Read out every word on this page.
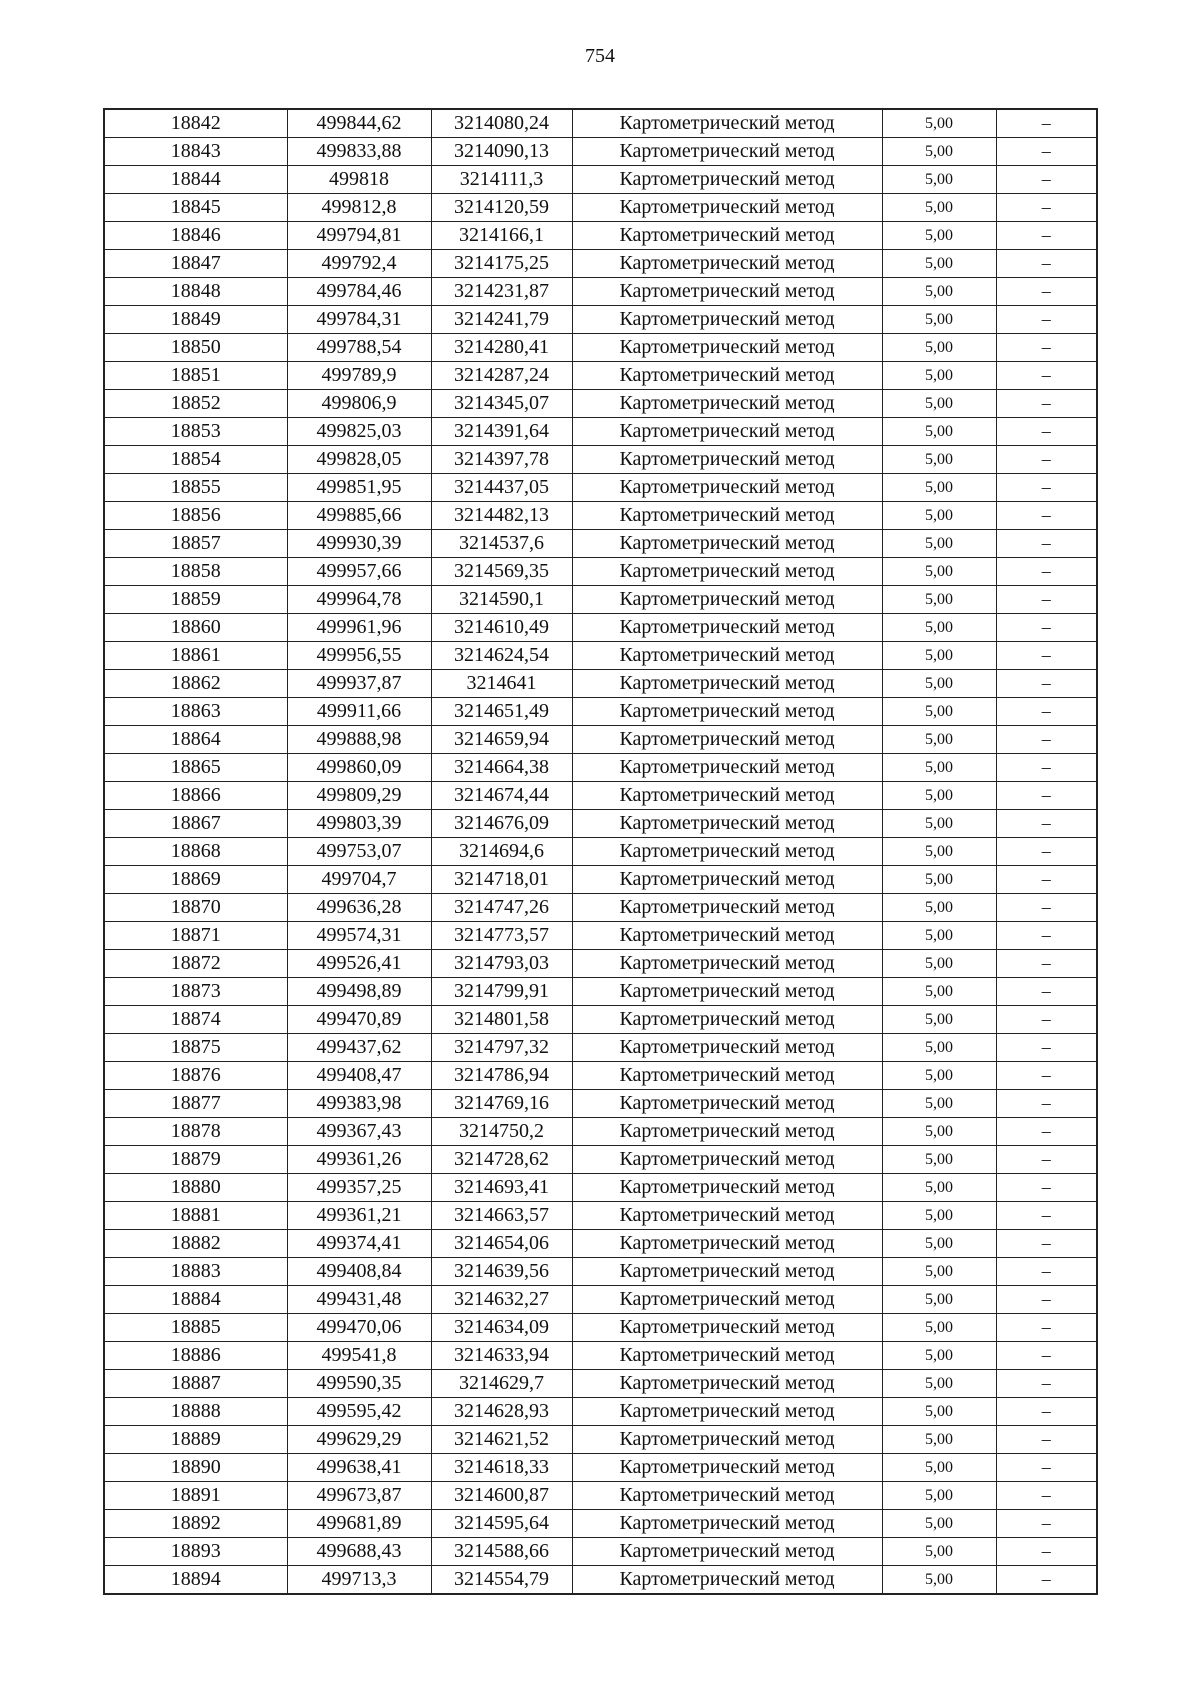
754
18842	499844,62	3214080,24	Картометрический метод	5,00	–
18843	499833,88	3214090,13	Картометрический метод	5,00	–
18844	499818	3214111,3	Картометрический метод	5,00	–
18845	499812,8	3214120,59	Картометрический метод	5,00	–
18846	499794,81	3214166,1	Картометрический метод	5,00	–
18847	499792,4	3214175,25	Картометрический метод	5,00	–
18848	499784,46	3214231,87	Картометрический метод	5,00	–
18849	499784,31	3214241,79	Картометрический метод	5,00	–
18850	499788,54	3214280,41	Картометрический метод	5,00	–
18851	499789,9	3214287,24	Картометрический метод	5,00	–
18852	499806,9	3214345,07	Картометрический метод	5,00	–
18853	499825,03	3214391,64	Картометрический метод	5,00	–
18854	499828,05	3214397,78	Картометрический метод	5,00	–
18855	499851,95	3214437,05	Картометрический метод	5,00	–
18856	499885,66	3214482,13	Картометрический метод	5,00	–
18857	499930,39	3214537,6	Картометрический метод	5,00	–
18858	499957,66	3214569,35	Картометрический метод	5,00	–
18859	499964,78	3214590,1	Картометрический метод	5,00	–
18860	499961,96	3214610,49	Картометрический метод	5,00	–
18861	499956,55	3214624,54	Картометрический метод	5,00	–
18862	499937,87	3214641	Картометрический метод	5,00	–
18863	499911,66	3214651,49	Картометрический метод	5,00	–
18864	499888,98	3214659,94	Картометрический метод	5,00	–
18865	499860,09	3214664,38	Картометрический метод	5,00	–
18866	499809,29	3214674,44	Картометрический метод	5,00	–
18867	499803,39	3214676,09	Картометрический метод	5,00	–
18868	499753,07	3214694,6	Картометрический метод	5,00	–
18869	499704,7	3214718,01	Картометрический метод	5,00	–
18870	499636,28	3214747,26	Картометрический метод	5,00	–
18871	499574,31	3214773,57	Картометрический метод	5,00	–
18872	499526,41	3214793,03	Картометрический метод	5,00	–
18873	499498,89	3214799,91	Картометрический метод	5,00	–
18874	499470,89	3214801,58	Картометрический метод	5,00	–
18875	499437,62	3214797,32	Картометрический метод	5,00	–
18876	499408,47	3214786,94	Картометрический метод	5,00	–
18877	499383,98	3214769,16	Картометрический метод	5,00	–
18878	499367,43	3214750,2	Картометрический метод	5,00	–
18879	499361,26	3214728,62	Картометрический метод	5,00	–
18880	499357,25	3214693,41	Картометрический метод	5,00	–
18881	499361,21	3214663,57	Картометрический метод	5,00	–
18882	499374,41	3214654,06	Картометрический метод	5,00	–
18883	499408,84	3214639,56	Картометрический метод	5,00	–
18884	499431,48	3214632,27	Картометрический метод	5,00	–
18885	499470,06	3214634,09	Картометрический метод	5,00	–
18886	499541,8	3214633,94	Картометрический метод	5,00	–
18887	499590,35	3214629,7	Картометрический метод	5,00	–
18888	499595,42	3214628,93	Картометрический метод	5,00	–
18889	499629,29	3214621,52	Картометрический метод	5,00	–
18890	499638,41	3214618,33	Картометрический метод	5,00	–
18891	499673,87	3214600,87	Картометрический метод	5,00	–
18892	499681,89	3214595,64	Картометрический метод	5,00	–
18893	499688,43	3214588,66	Картометрический метод	5,00	–
18894	499713,3	3214554,79	Картометрический метод	5,00	–
